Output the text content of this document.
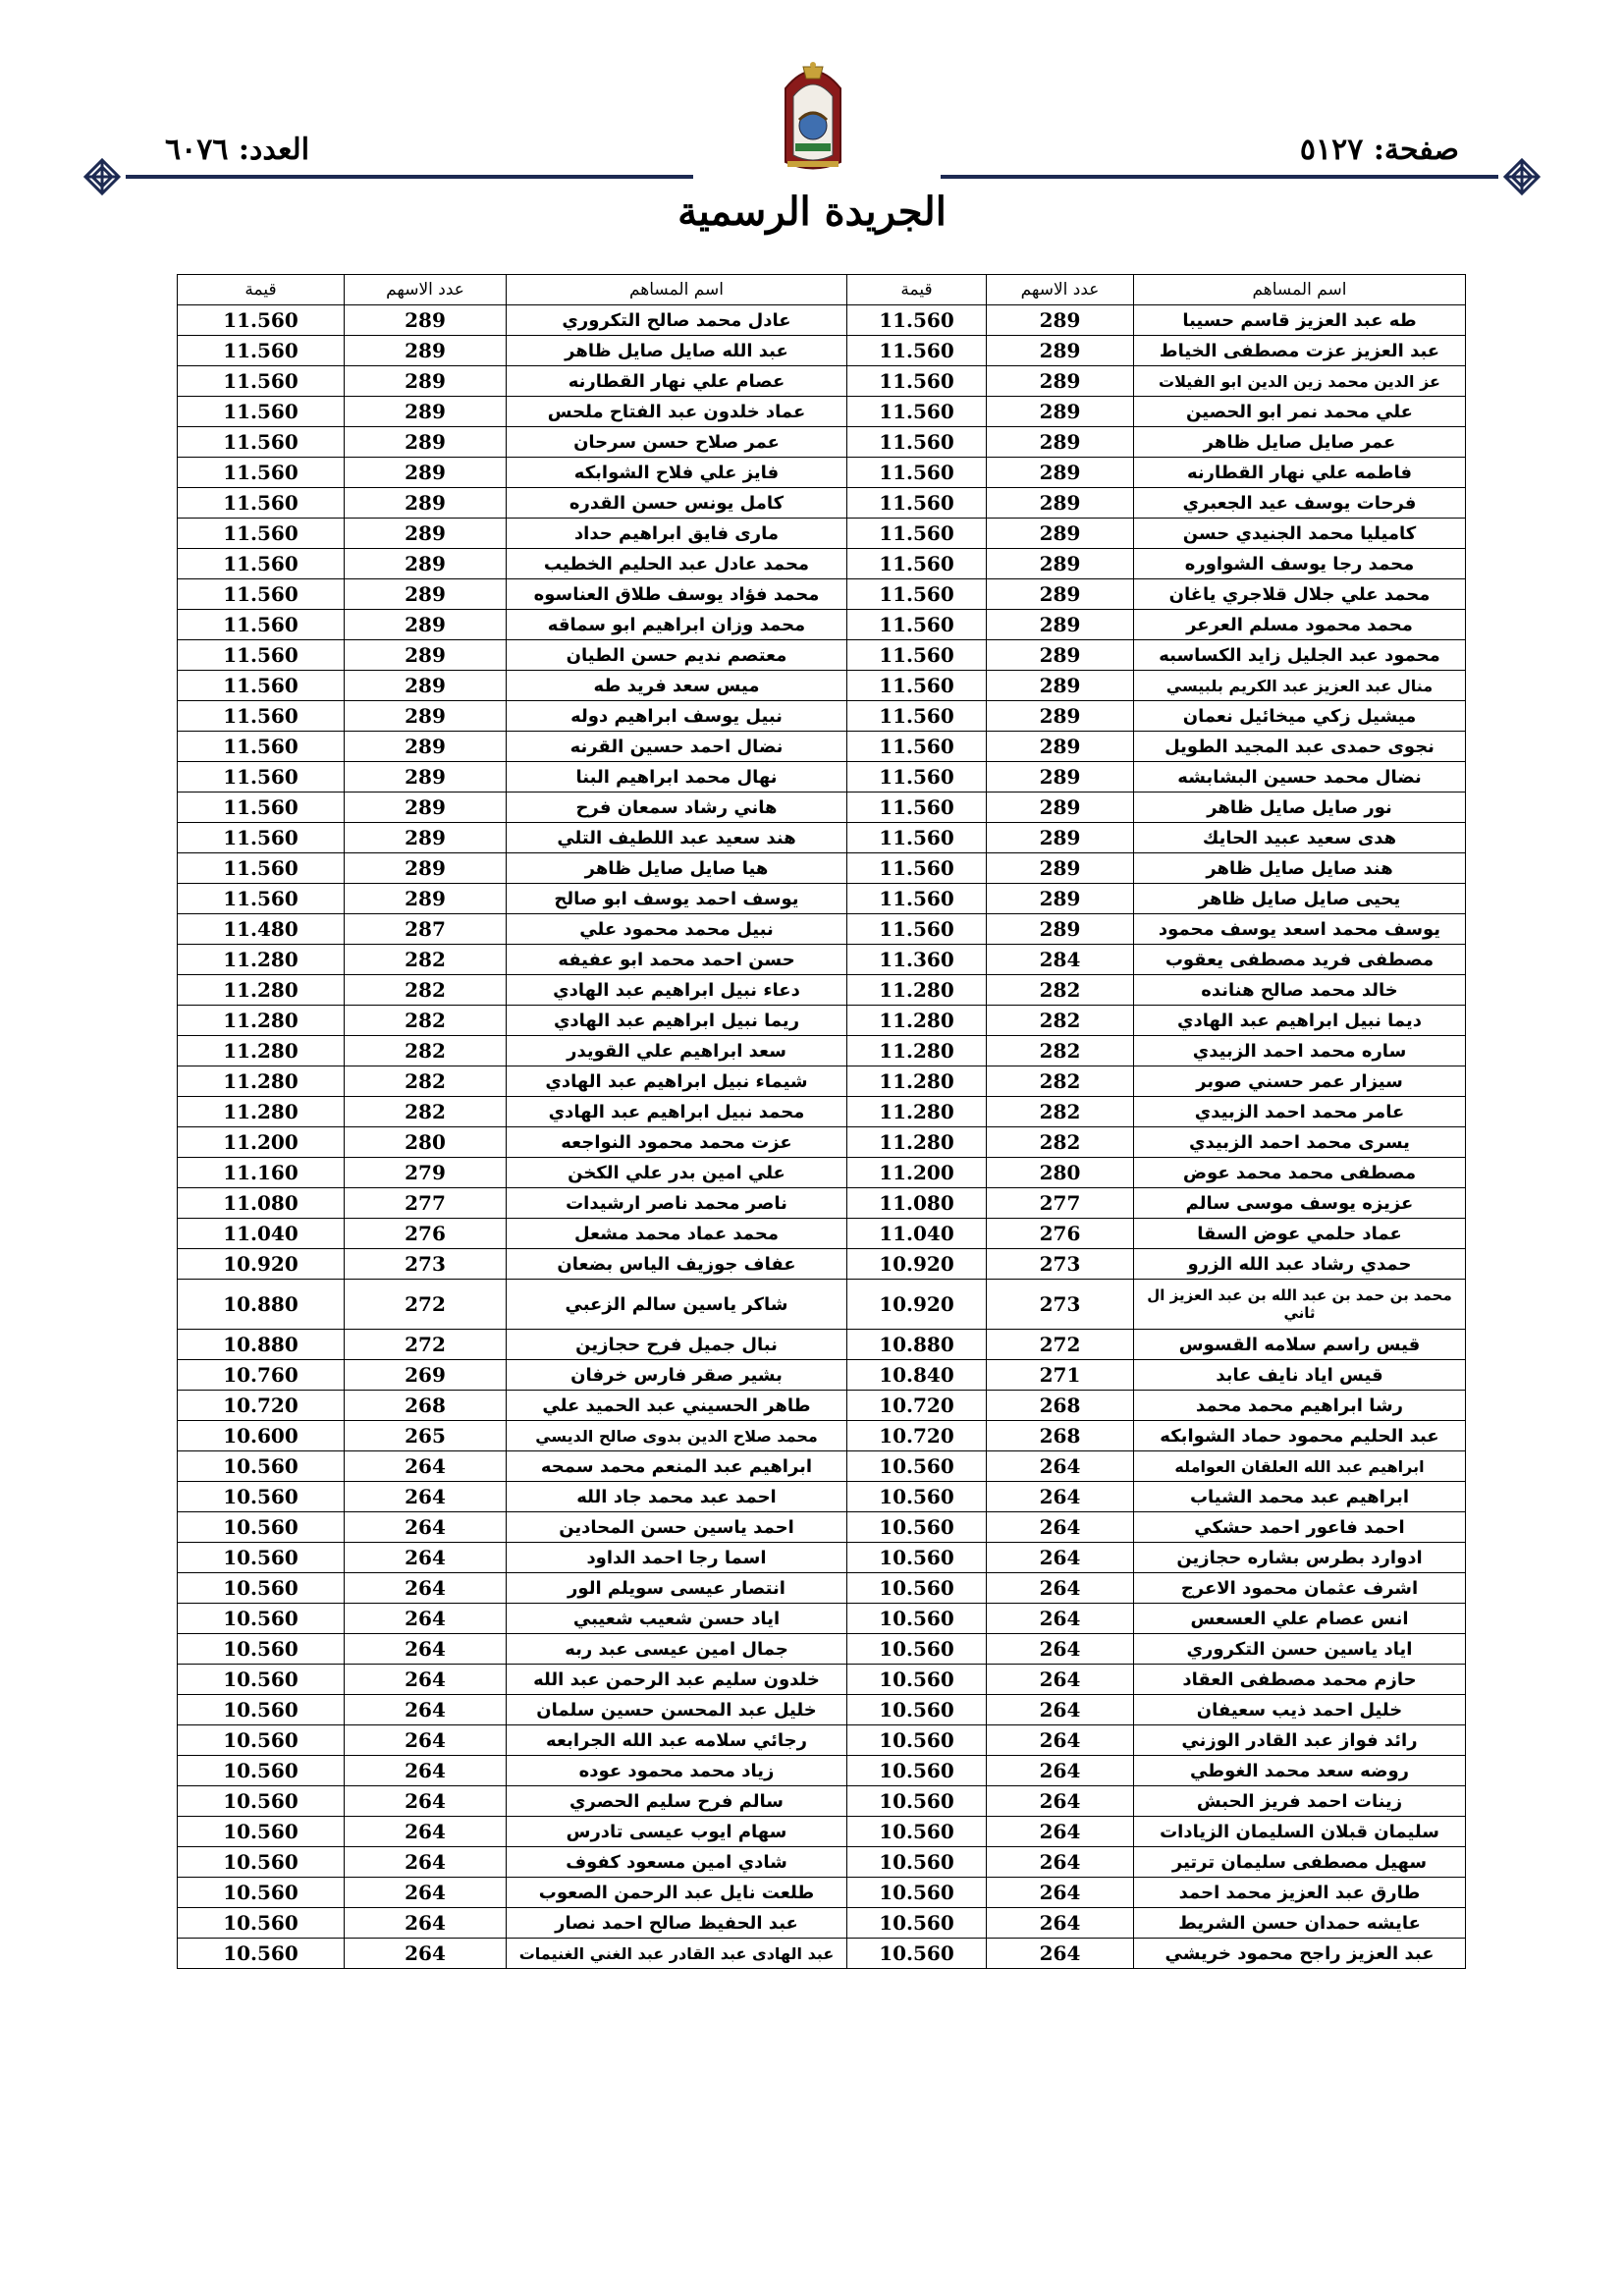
صفحة: ٥١٢٧
العدد: ٦٠٧٦
الجريدة الرسمية
اسم المساهم	عدد الاسهم	قيمة	اسم المساهم	عدد الاسهم	قيمة
طه عبد العزيز قاسم حسيبا	289	11.560	عادل محمد صالح التكروري	289	11.560
عبد العزيز عزت مصطفى الخياط	289	11.560	عبد الله صايل صايل ظاهر	289	11.560
عز الدين محمد زين الدين ابو الفيلات	289	11.560	عصام علي نهار القطارنه	289	11.560
علي محمد نمر ابو الحصين	289	11.560	عماد خلدون عبد الفتاح ملحس	289	11.560
عمر صايل صايل ظاهر	289	11.560	عمر صلاح حسن سرحان	289	11.560
فاطمه علي نهار القطارنه	289	11.560	فايز علي فلاح الشوابكه	289	11.560
فرحات يوسف عيد الجعبري	289	11.560	كامل يونس حسن القدره	289	11.560
كاميليا محمد الجنيدي حسن	289	11.560	مارى فايق ابراهيم حداد	289	11.560
محمد رجا يوسف الشواوره	289	11.560	محمد عادل عبد الحليم الخطيب	289	11.560
محمد علي جلال قلاجري ياغان	289	11.560	محمد فؤاد يوسف طلاق العناسوه	289	11.560
محمد محمود مسلم العرعر	289	11.560	محمد وزان ابراهيم ابو سماقه	289	11.560
محمود عبد الجليل زايد الكساسبه	289	11.560	معتصم نديم حسن الطيان	289	11.560
منال عبد العزيز عبد الكريم بلبيسي	289	11.560	ميس سعد فريد طه	289	11.560
ميشيل زكي ميخائيل نعمان	289	11.560	نبيل يوسف ابراهيم دوله	289	11.560
نجوى حمدى عبد المجيد الطويل	289	11.560	نضال احمد حسين القرنه	289	11.560
نضال محمد حسين البشابشه	289	11.560	نهال محمد ابراهيم البنا	289	11.560
نور صايل صايل ظاهر	289	11.560	هاني رشاد سمعان فرح	289	11.560
هدى سعيد عبيد الحايك	289	11.560	هند سعيد عبد اللطيف التلي	289	11.560
هند صايل صايل ظاهر	289	11.560	هيا صايل صايل ظاهر	289	11.560
يحيى صايل صايل ظاهر	289	11.560	يوسف احمد يوسف ابو صالح	289	11.560
يوسف محمد اسعد يوسف محمود	289	11.560	نبيل محمد محمود علي	287	11.480
مصطفى فريد مصطفى يعقوب	284	11.360	حسن احمد محمد ابو عفيفه	282	11.280
خالد محمد صالح هنانده	282	11.280	دعاء نبيل ابراهيم عبد الهادي	282	11.280
ديما نبيل ابراهيم عبد الهادي	282	11.280	ريما نبيل ابراهيم عبد الهادي	282	11.280
ساره محمد احمد الزبيدي	282	11.280	سعد ابراهيم علي القويدر	282	11.280
سيزار عمر حسني صوبر	282	11.280	شيماء نبيل ابراهيم عبد الهادي	282	11.280
عامر محمد احمد الزبيدي	282	11.280	محمد نبيل ابراهيم عبد الهادي	282	11.280
يسرى محمد احمد الزبيدي	282	11.280	عزت محمد محمود النواجعه	280	11.200
مصطفى محمد محمد عوض	280	11.200	علي امين بدر علي الكخن	279	11.160
عزيزه يوسف موسى سالم	277	11.080	ناصر محمد ناصر ارشيدات	277	11.080
عماد حلمي عوض السقا	276	11.040	محمد عماد محمد مشعل	276	11.040
حمدي رشاد عبد الله الزرو	273	10.920	عفاف جوزيف الياس بضعان	273	10.920
محمد بن حمد بن عبد الله بن عبد العزيز ال ثاني	273	10.920	شاكر ياسين سالم الزعبي	272	10.880
قيس راسم سلامه القسوس	272	10.880	نبال جميل فرح حجازين	272	10.880
قيس اياد نايف عابد	271	10.840	بشير صقر فارس خرفان	269	10.760
رشا ابراهيم محمد محمد	268	10.720	طاهر الحسيني عبد الحميد علي	268	10.720
عبد الحليم محمود حماد الشوابكه	268	10.720	محمد صلاح الدين بدوى صالح الديسي	265	10.600
ابراهيم عبد الله العلقان العوامله	264	10.560	ابراهيم عبد المنعم محمد سمحه	264	10.560
ابراهيم عبد محمد الشياب	264	10.560	احمد عبد محمد جاد الله	264	10.560
احمد فاعور احمد حشكي	264	10.560	احمد ياسين حسن المحادين	264	10.560
ادوارد بطرس بشاره حجازين	264	10.560	اسما رجا احمد الداود	264	10.560
اشرف عثمان محمود الاعرج	264	10.560	انتصار عيسى سويلم الور	264	10.560
انس عصام علي العسعس	264	10.560	اياد حسن شعيب شعيبي	264	10.560
اياد ياسين حسن التكروري	264	10.560	جمال امين عيسى عبد ربه	264	10.560
حازم محمد مصطفى العقاد	264	10.560	خلدون سليم عبد الرحمن عبد الله	264	10.560
خليل احمد ذيب سعيفان	264	10.560	خليل عبد المحسن حسين سلمان	264	10.560
رائد فواز عبد القادر الوزني	264	10.560	رجائي سلامه عبد الله الجرابعه	264	10.560
روضه سعد محمد الغوطي	264	10.560	زياد محمد محمود عوده	264	10.560
زينات احمد فريز الحبش	264	10.560	سالم فرح سليم الحصري	264	10.560
سليمان قبلان السليمان الزيادات	264	10.560	سهام ايوب عيسى تادرس	264	10.560
سهيل مصطفى سليمان ترتير	264	10.560	شادي امين مسعود كفوف	264	10.560
طارق عبد العزيز محمد احمد	264	10.560	طلعت نايل عبد الرحمن الصعوب	264	10.560
عايشه حمدان حسن الشريط	264	10.560	عبد الحفيظ صالح احمد نصار	264	10.560
عبد العزيز راجح محمود خريشي	264	10.560	عبد الهادى عبد القادر عبد الغني الغنيمات	264	10.560
